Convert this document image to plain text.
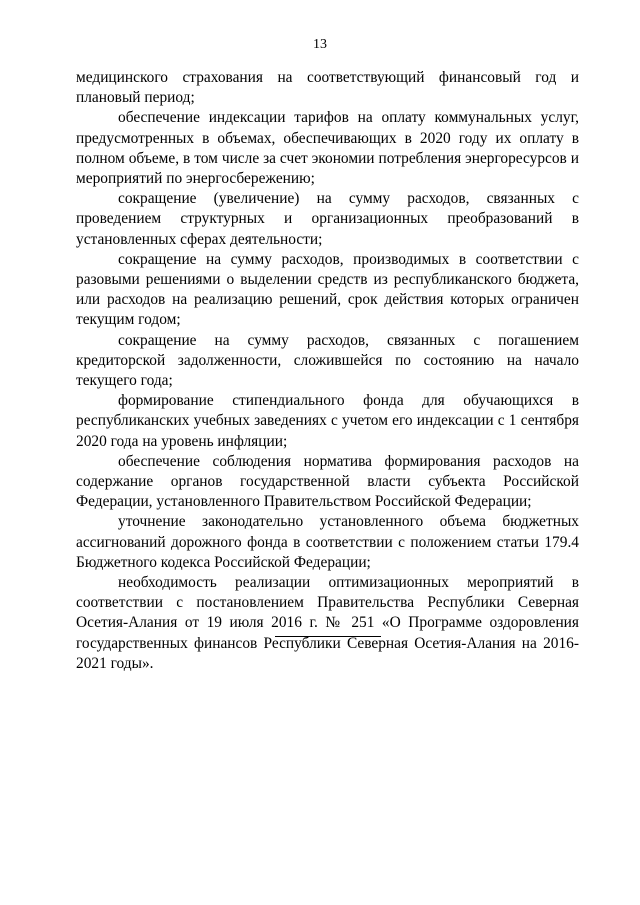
13

медицинского страхования на соответствующий финансовый год и плановый период;

обеспечение индексации тарифов на оплату коммунальных услуг, предусмотренных в объемах, обеспечивающих в 2020 году их оплату в полном объеме, в том числе за счет экономии потребления энергоресурсов и мероприятий по энергосбережению;

сокращение (увеличение) на сумму расходов, связанных с проведением структурных и организационных преобразований в установленных сферах деятельности;

сокращение на сумму расходов, производимых в соответствии с разовыми решениями о выделении средств из республиканского бюджета, или расходов на реализацию решений, срок действия которых ограничен текущим годом;

сокращение на сумму расходов, связанных с погашением кредиторской задолженности, сложившейся по состоянию на начало текущего года;

формирование стипендиального фонда для обучающихся в республиканских учебных заведениях с учетом его индексации с 1 сентября 2020 года на уровень инфляции;

обеспечение соблюдения норматива формирования расходов на содержание органов государственной власти субъекта Российской Федерации, установленного Правительством Российской Федерации;

уточнение законодательно установленного объема бюджетных ассигнований дорожного фонда в соответствии с положением статьи 179.4 Бюджетного кодекса Российской Федерации;

необходимость реализации оптимизационных мероприятий в соответствии с постановлением Правительства Республики Северная Осетия-Алания от 19 июля 2016 г. № 251 «О Программе оздоровления государственных финансов Республики Северная Осетия-Алания на 2016-2021 годы».
